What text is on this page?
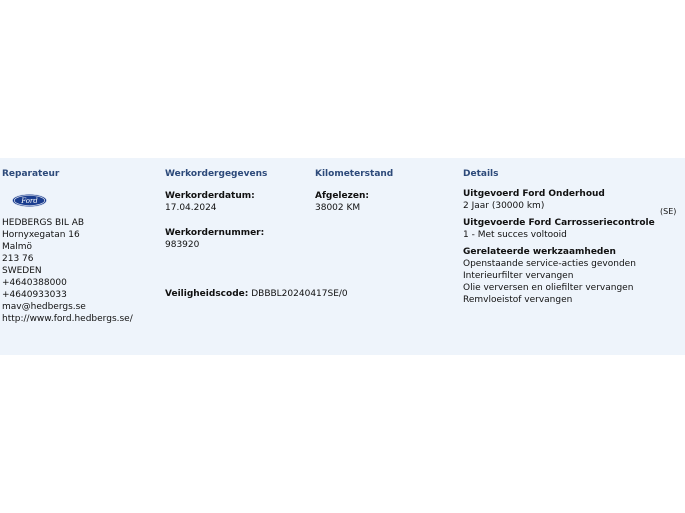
Reparateur
Ford
HEDBERGS BIL AB
Hornyxegatan 16
Malmö
213 76
SWEDEN
+4640388000
+4640933033
mav@hedbergs.se
http://www.ford.hedbergs.se/
Werkordergegevens
Werkorderdatum:
17.04.2024
Werkordernummer:
983920
Veiligheidscode: DBBBL20240417SE/0
Kilometerstand
Afgelezen:
38002 KM
Details
Uitgevoerd Ford Onderhoud
2 Jaar (30000 km)
(SE)
Uitgevoerde Ford Carrosseriecontrole
1 - Met succes voltooid
Gerelateerde werkzaamheden
Openstaande service-acties gevonden
Interieurfilter vervangen
Olie verversen en oliefilter vervangen
Remvloeistof vervangen
